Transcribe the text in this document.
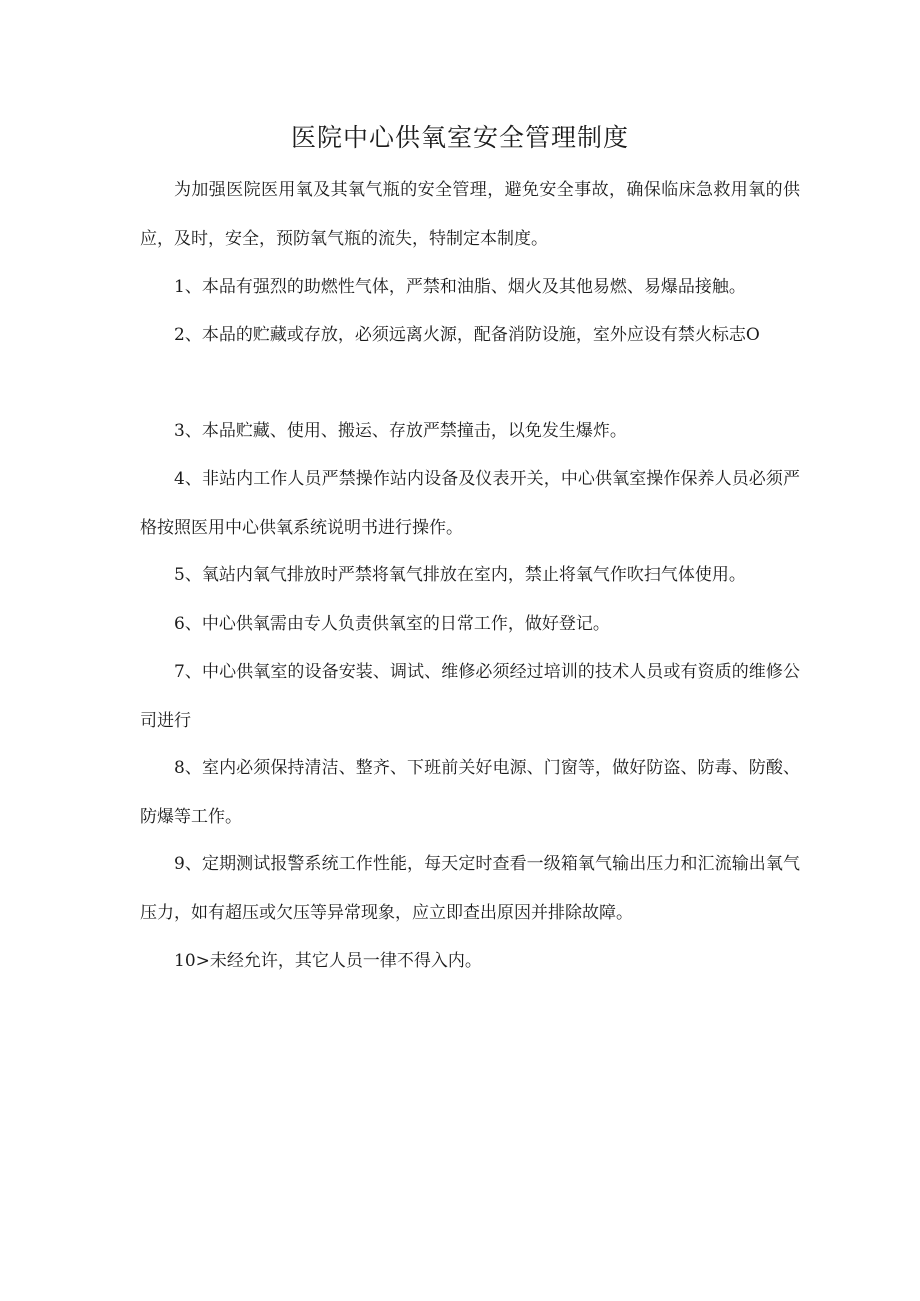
医院中心供氧室安全管理制度

为加强医院医用氧及其氧气瓶的安全管理，避免安全事故，确保临床急救用氧的供应，及时，安全，预防氧气瓶的流失，特制定本制度。

1、本品有强烈的助燃性气体，严禁和油脂、烟火及其他易燃、易爆品接触。

2、本品的贮藏或存放，必须远离火源，配备消防设施，室外应设有禁火标志O

3、本品贮藏、使用、搬运、存放严禁撞击，以免发生爆炸。

4、非站内工作人员严禁操作站内设备及仪表开关，中心供氧室操作保养人员必须严格按照医用中心供氧系统说明书进行操作。

5、氧站内氧气排放时严禁将氧气排放在室内，禁止将氧气作吹扫气体使用。

6、中心供氧需由专人负责供氧室的日常工作，做好登记。

7、中心供氧室的设备安装、调试、维修必须经过培训的技术人员或有资质的维修公司进行

8、室内必须保持清洁、整齐、下班前关好电源、门窗等，做好防盗、防毒、防酸、防爆等工作。

9、定期测试报警系统工作性能，每天定时查看一级箱氧气输出压力和汇流输出氧气压力，如有超压或欠压等异常现象，应立即查出原因并排除故障。

10>未经允许，其它人员一律不得入内。
